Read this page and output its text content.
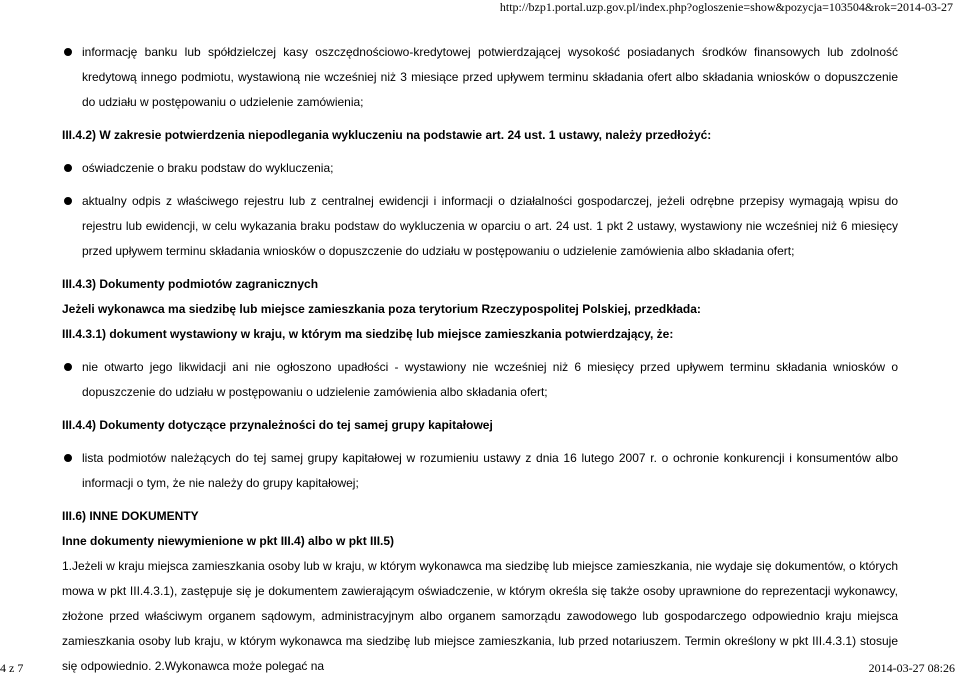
http://bzp1.portal.uzp.gov.pl/index.php?ogloszenie=show&pozycja=103504&rok=2014-03-27

informację banku lub spółdzielczej kasy oszczędnościowo-kredytowej potwierdzającej wysokość posiadanych środków finansowych lub zdolność kredytową innego podmiotu, wystawioną nie wcześniej niż 3 miesiące przed upływem terminu składania ofert albo składania wniosków o dopuszczenie do udziału w postępowaniu o udzielenie zamówienia;

III.4.2) W zakresie potwierdzenia niepodlegania wykluczeniu na podstawie art. 24 ust. 1 ustawy, należy przedłożyć:

oświadczenie o braku podstaw do wykluczenia;

aktualny odpis z właściwego rejestru lub z centralnej ewidencji i informacji o działalności gospodarczej, jeżeli odrębne przepisy wymagają wpisu do rejestru lub ewidencji, w celu wykazania braku podstaw do wykluczenia w oparciu o art. 24 ust. 1 pkt 2 ustawy, wystawiony nie wcześniej niż 6 miesięcy przed upływem terminu składania wniosków o dopuszczenie do udziału w postępowaniu o udzielenie zamówienia albo składania ofert;

III.4.3) Dokumenty podmiotów zagranicznych

Jeżeli wykonawca ma siedzibę lub miejsce zamieszkania poza terytorium Rzeczypospolitej Polskiej, przedkłada:

III.4.3.1) dokument wystawiony w kraju, w którym ma siedzibę lub miejsce zamieszkania potwierdzający, że:

nie otwarto jego likwidacji ani nie ogłoszono upadłości - wystawiony nie wcześniej niż 6 miesięcy przed upływem terminu składania wniosków o dopuszczenie do udziału w postępowaniu o udzielenie zamówienia albo składania ofert;

III.4.4) Dokumenty dotyczące przynależności do tej samej grupy kapitałowej

lista podmiotów należących do tej samej grupy kapitałowej w rozumieniu ustawy z dnia 16 lutego 2007 r. o ochronie konkurencji i konsumentów albo informacji o tym, że nie należy do grupy kapitałowej;

III.6) INNE DOKUMENTY

Inne dokumenty niewymienione w pkt III.4) albo w pkt III.5)

1.Jeżeli w kraju miejsca zamieszkania osoby lub w kraju, w którym wykonawca ma siedzibę lub miejsce zamieszkania, nie wydaje się dokumentów, o których mowa w pkt III.4.3.1), zastępuje się je dokumentem zawierającym oświadczenie, w którym określa się także osoby uprawnione do reprezentacji wykonawcy, złożone przed właściwym organem sądowym, administracyjnym albo organem samorządu zawodowego lub gospodarczego odpowiednio kraju miejsca zamieszkania osoby lub kraju, w którym wykonawca ma siedzibę lub miejsce zamieszkania, lub przed notariuszem. Termin określony w pkt III.4.3.1) stosuje się odpowiednio. 2.Wykonawca może polegać na

4 z 7	2014-03-27 08:26
